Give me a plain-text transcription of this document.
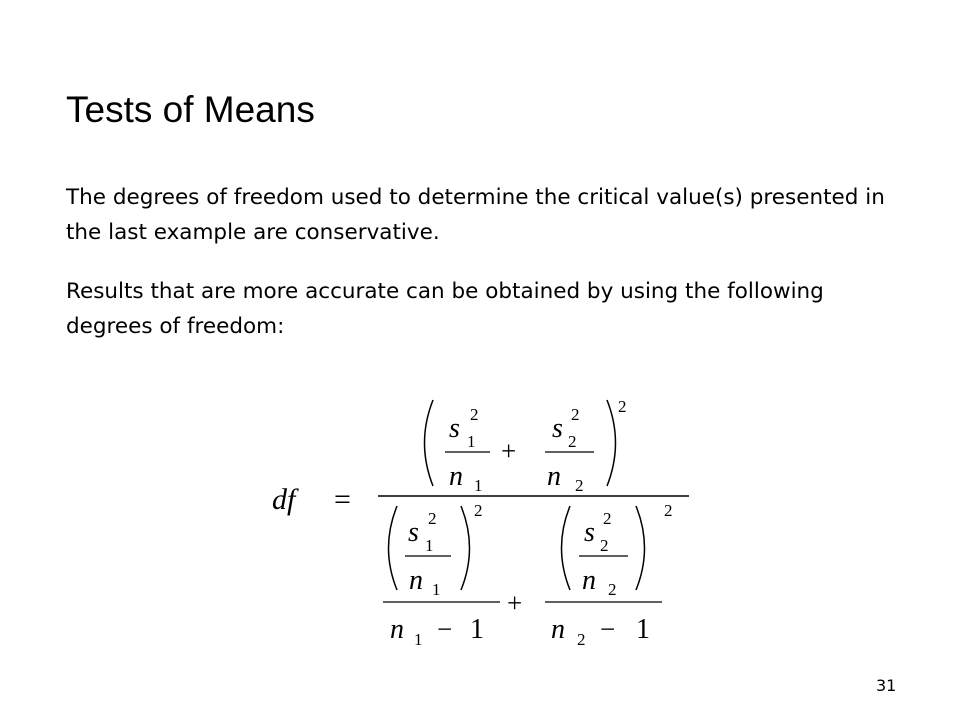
Tests of Means

The degrees of freedom used to determine the critical value(s) presented in the last example are conservative.

Results that are more accurate can be obtained by using the following degrees of freedom:

df =
2
s 1
2
n 1
+
s 2
2
n 2
2
s 1
2
n 1
n 1 − 1
+
2
s 2
2
n 2
n 2 − 1
31
